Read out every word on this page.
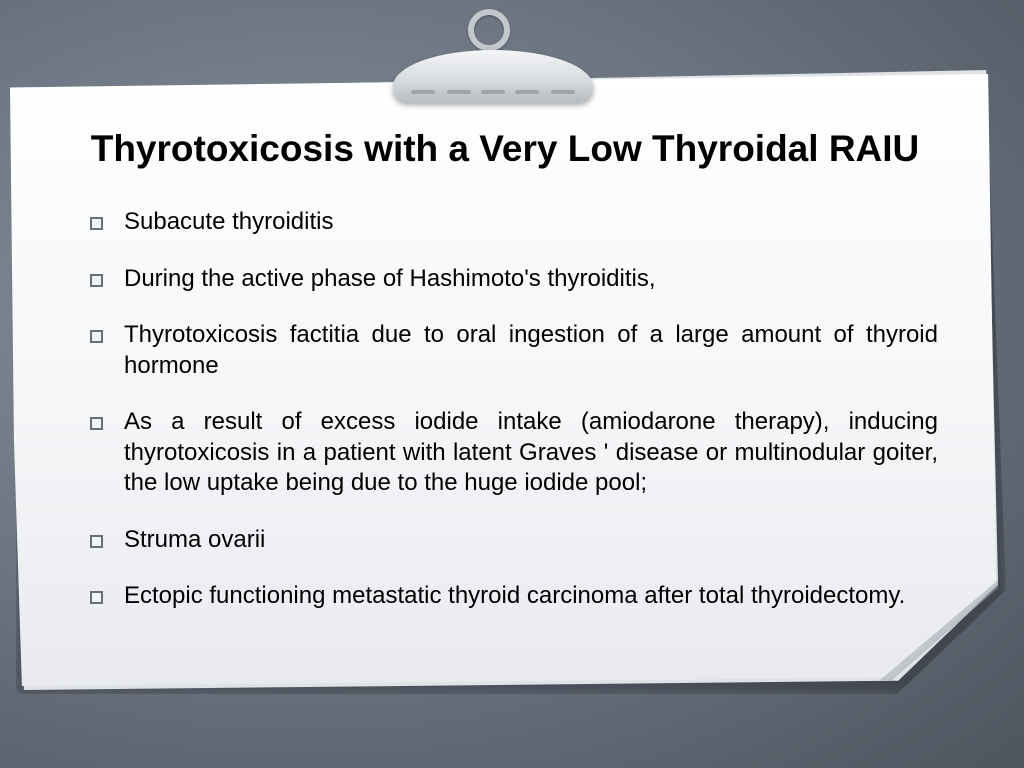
Thyrotoxicosis with a Very Low Thyroidal RAIU
Subacute thyroiditis
During the active phase of Hashimoto's thyroiditis,
Thyrotoxicosis factitia due to oral ingestion of a large amount of thyroid hormone
As a result of excess iodide intake (amiodarone therapy), inducing thyrotoxicosis in a patient with latent Graves ' disease or multinodular goiter, the low uptake being due to the huge iodide pool;
Struma ovarii
Ectopic functioning metastatic thyroid carcinoma after total thyroidectomy.
